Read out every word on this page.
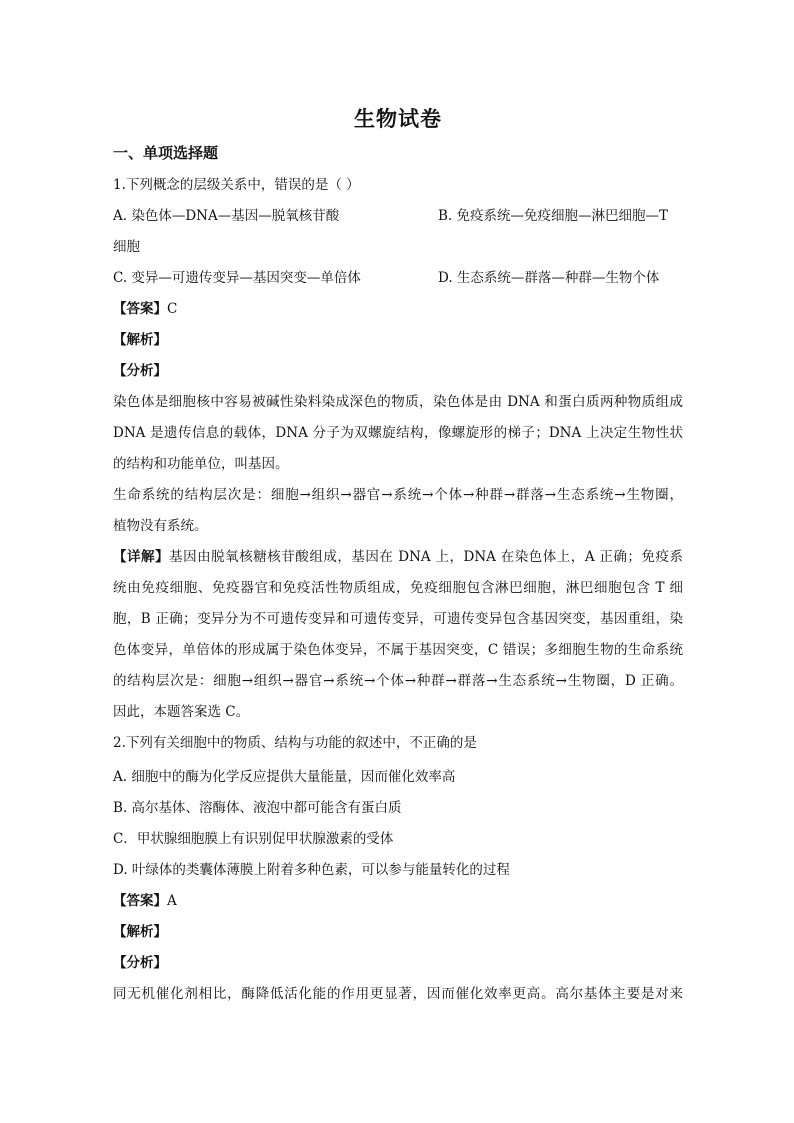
生物试卷
一、单项选择题
1.下列概念的层级关系中，错误的是（ ）
A. 染色体—DNA—基因—脱氧核苷酸	B. 免疫系统—免疫细胞—淋巴细胞—T
细胞
C. 变异—可遗传变异—基因突变—单倍体	D. 生态系统—群落—种群—生物个体
【答案】C
【解析】
【分析】
染色体是细胞核中容易被碱性染料染成深色的物质，染色体是由 DNA 和蛋白质两种物质组成
DNA 是遗传信息的载体，DNA 分子为双螺旋结构，像螺旋形的梯子；DNA 上决定生物性状
的结构和功能单位，叫基因。
生命系统的结构层次是：细胞→组织→器官→系统→个体→种群→群落→生态系统→生物圈，
植物没有系统。
【详解】基因由脱氧核糖核苷酸组成，基因在 DNA 上，DNA 在染色体上，A 正确；免疫系
统由免疫细胞、免疫器官和免疫活性物质组成，免疫细胞包含淋巴细胞，淋巴细胞包含 T 细
胞，B 正确；变异分为不可遗传变异和可遗传变异，可遗传变异包含基因突变，基因重组，染
色体变异，单倍体的形成属于染色体变异，不属于基因突变，C 错误；多细胞生物的生命系统
的结构层次是：细胞→组织→器官→系统→个体→种群→群落→生态系统→生物圈，D 正确。
因此，本题答案选 C。
2.下列有关细胞中的物质、结构与功能的叙述中，不正确的是
A. 细胞中的酶为化学反应提供大量能量，因而催化效率高
B. 高尔基体、溶酶体、液泡中都可能含有蛋白质
C．甲状腺细胞膜上有识别促甲状腺激素的受体
D. 叶绿体的类囊体薄膜上附着多种色素，可以参与能量转化的过程
【答案】A
【解析】
【分析】
同无机催化剂相比，酶降低活化能的作用更显著，因而催化效率更高。高尔基体主要是对来
